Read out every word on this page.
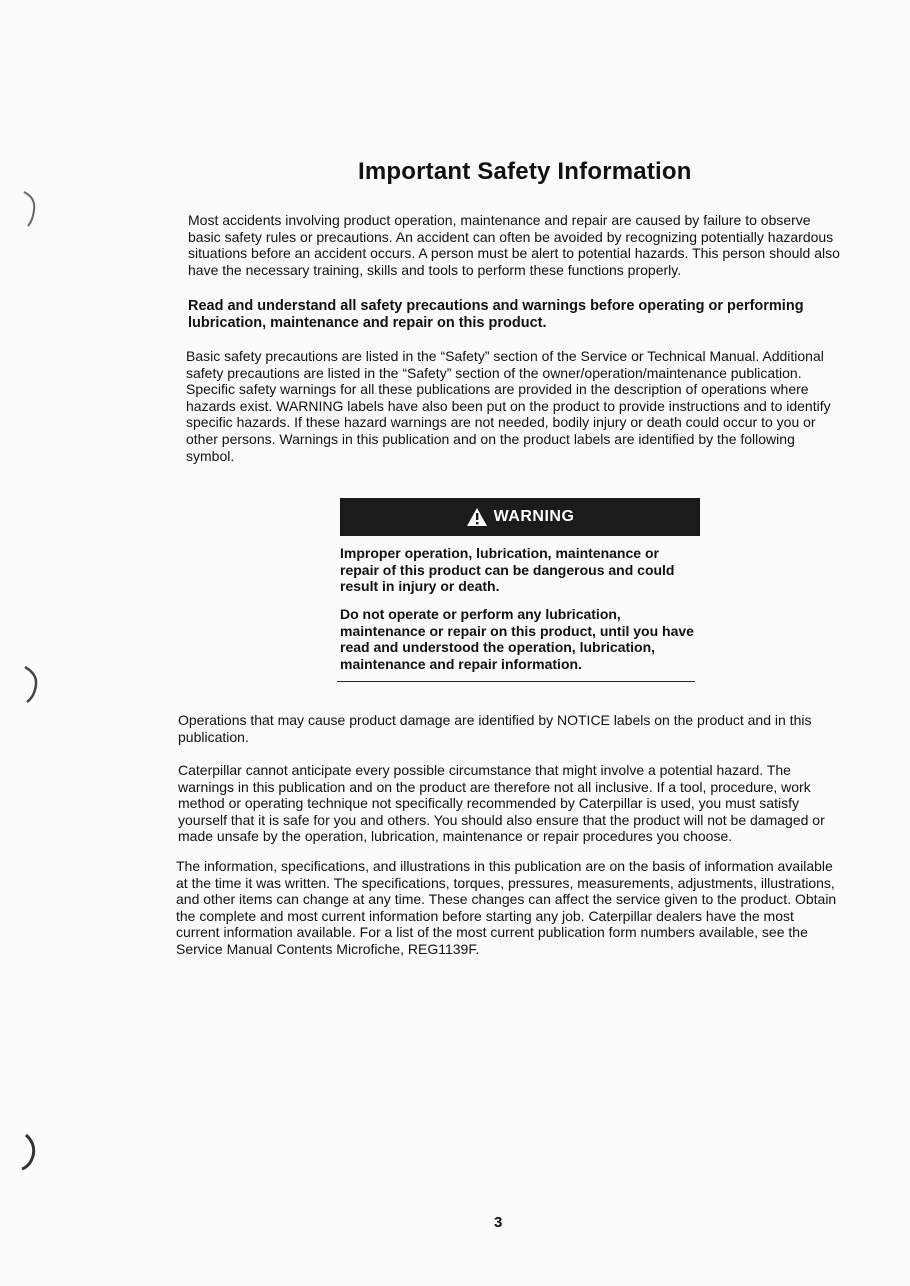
Important Safety Information

Most accidents involving product operation, maintenance and repair are caused by failure to observe basic safety rules or precautions. An accident can often be avoided by recognizing potentially hazardous situations before an accident occurs. A person must be alert to potential hazards. This person should also have the necessary training, skills and tools to perform these functions properly.

Read and understand all safety precautions and warnings before operating or performing lubrication, maintenance and repair on this product.

Basic safety precautions are listed in the “Safety” section of the Service or Technical Manual. Additional safety precautions are listed in the “Safety” section of the owner/operation/maintenance publication. Specific safety warnings for all these publications are provided in the description of operations where hazards exist. WARNING labels have also been put on the product to provide instructions and to identify specific hazards. If these hazard warnings are not needed, bodily injury or death could occur to you or other persons. Warnings in this publication and on the product labels are identified by the following symbol.

WARNING

Improper operation, lubrication, maintenance or repair of this product can be dangerous and could result in injury or death.

Do not operate or perform any lubrication, maintenance or repair on this product, until you have read and understood the operation, lubrication, maintenance and repair information.

Operations that may cause product damage are identified by NOTICE labels on the product and in this publication.

Caterpillar cannot anticipate every possible circumstance that might involve a potential hazard. The warnings in this publication and on the product are therefore not all inclusive. If a tool, procedure, work method or operating technique not specifically recommended by Caterpillar is used, you must satisfy yourself that it is safe for you and others. You should also ensure that the product will not be damaged or made unsafe by the operation, lubrication, maintenance or repair procedures you choose.

The information, specifications, and illustrations in this publication are on the basis of information available at the time it was written. The specifications, torques, pressures, measurements, adjustments, illustrations, and other items can change at any time. These changes can affect the service given to the product. Obtain the complete and most current information before starting any job. Caterpillar dealers have the most current information available. For a list of the most current publication form numbers available, see the Service Manual Contents Microfiche, REG1139F.

3
